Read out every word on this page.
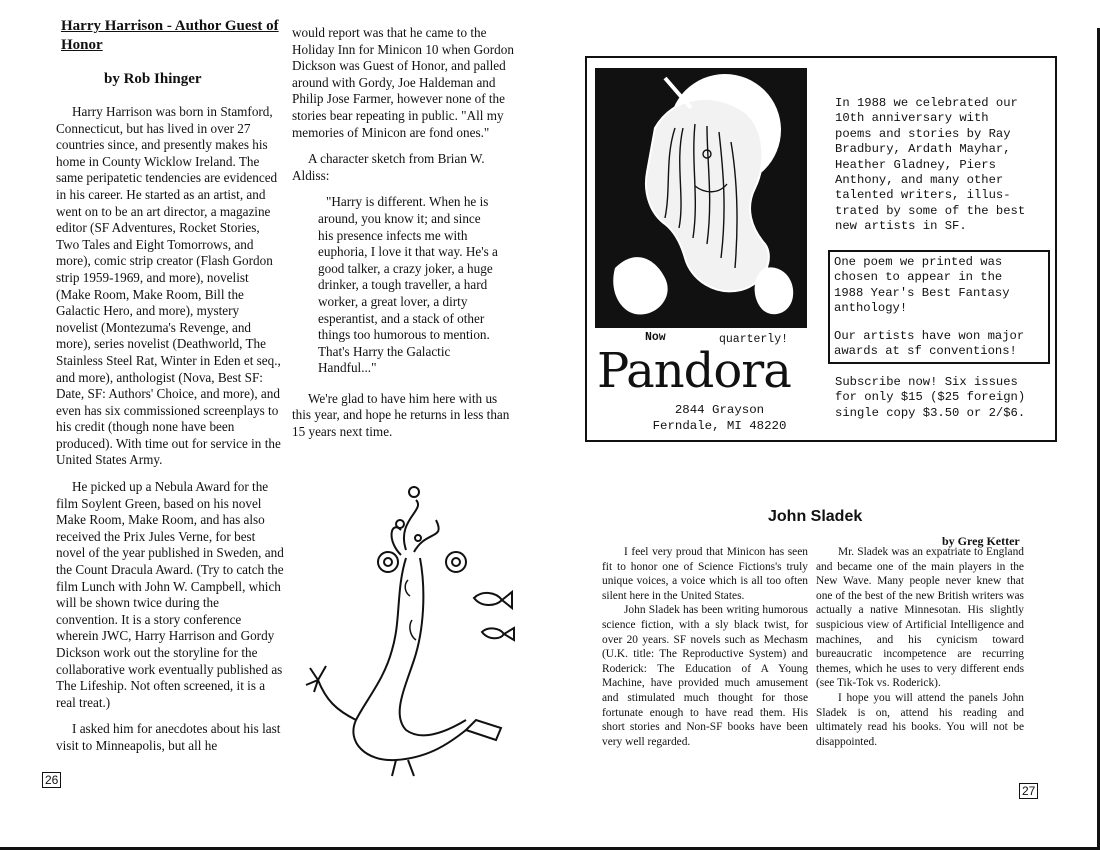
Harry Harrison - Author Guest of Honor
by Rob Ihinger

Harry Harrison was born in Stamford, Connecticut, but has lived in over 27 countries since, and presently makes his home in County Wicklow Ireland. The same peripatetic tendencies are evidenced in his career. He started as an artist, and went on to be an art director, a magazine editor (SF Adventures, Rocket Stories, Two Tales and Eight Tomorrows, and more), comic strip creator (Flash Gordon strip 1959-1969, and more), novelist (Make Room, Make Room, Bill the Galactic Hero, and more), mystery novelist (Montezuma's Revenge, and more), series novelist (Deathworld, The Stainless Steel Rat, Winter in Eden et seq., and more), anthologist (Nova, Best SF: Date, SF: Authors' Choice, and more), and even has six commissioned screenplays to his credit (though none have been produced). With time out for service in the United States Army.

He picked up a Nebula Award for the film Soylent Green, based on his novel Make Room, Make Room, and has also received the Prix Jules Verne, for best novel of the year published in Sweden, and the Count Dracula Award. (Try to catch the film Lunch with John W. Campbell, which will be shown twice during the convention. It is a story conference wherein JWC, Harry Harrison and Gordy Dickson work out the storyline for the collaborative work eventually published as The Lifeship. Not often screened, it is a real treat.)

I asked him for anecdotes about his last visit to Minneapolis, but all he

would report was that he came to the Holiday Inn for Minicon 10 when Gordon Dickson was Guest of Honor, and palled around with Gordy, Joe Haldeman and Philip Jose Farmer, however none of the stories bear repeating in public. "All my memories of Minicon are fond ones."

A character sketch from Brian W. Aldiss:

"Harry is different. When he is around, you know it; and since his presence infects me with euphoria, I love it that way. He's a good talker, a crazy joker, a huge drinker, a tough traveller, a hard worker, a great lover, a dirty esperantist, and a stack of other things too humorous to mention. That's Harry the Galactic Handful..."

We're glad to have him here with us this year, and hope he returns in less than 15 years next time.

26
In 1988 we celebrated our
10th anniversary with
poems and stories by Ray
Bradbury, Ardath Mayhar,
Heather Gladney, Piers
Anthony, and many other
talented writers, illus-
trated by some of the best
new artists in SF.
One poem we printed was
chosen to appear in the
1988 Year's Best Fantasy
anthology!
Our artists have won major
awards at sf conventions!
Now	quarterly!
Pandora
2844 Grayson
Ferndale, MI 48220
Subscribe now! Six issues
for only $15 ($25 foreign)
single copy $3.50 or 2/$6.
John Sladek
by Greg Ketter

I feel very proud that Minicon has seen fit to honor one of Science Fictions's truly unique voices, a voice which is all too often silent here in the United States.

John Sladek has been writing humorous science fiction, with a sly black twist, for over 20 years. SF novels such as Mechasm (U.K. title: The Reproductive System) and Roderick: The Education of A Young Machine, have provided much amusement and stimulated much thought for those fortunate enough to have read them. His short stories and Non-SF books have been very well regarded.

Mr. Sladek was an expatriate to England and became one of the main players in the New Wave. Many people never knew that one of the best of the new British writers was actually a native Minnesotan. His slightly suspicious view of Artificial Intelligence and machines, and his cynicism toward bureaucratic incompetence are recurring themes, which he uses to very different ends (see Tik-Tok vs. Roderick).

I hope you will attend the panels John Sladek is on, attend his reading and ultimately read his books. You will not be disappointed.

27
